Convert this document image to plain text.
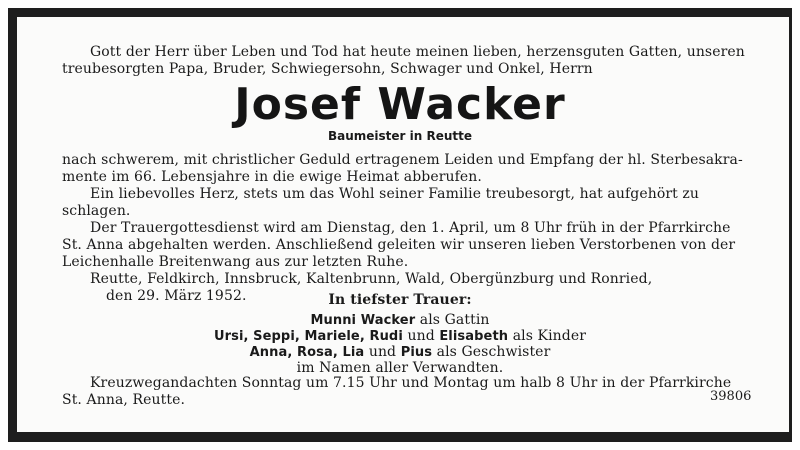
Gott der Herr über Leben und Tod hat heute meinen lieben, herzensguten Gatten, unseren
treubesorgten Papa, Bruder, Schwiegersohn, Schwager und Onkel, Herrn
Josef Wacker
Baumeister in Reutte
nach schwerem, mit christlicher Geduld ertragenem Leiden und Empfang der hl. Sterbesakra-
mente im 66. Lebensjahre in die ewige Heimat abberufen.
Ein liebevolles Herz, stets um das Wohl seiner Familie treubesorgt, hat aufgehört zu
schlagen.
Der Trauergottesdienst wird am Dienstag, den 1. April, um 8 Uhr früh in der Pfarrkirche
St. Anna abgehalten werden. Anschließend geleiten wir unseren lieben Verstorbenen von der
Leichenhalle Breitenwang aus zur letzten Ruhe.
Reutte, Feldkirch, Innsbruck, Kaltenbrunn, Wald, Obergünzburg und Ronried,
den 29. März 1952.	In tiefster Trauer:
Munni Wacker als Gattin
Ursi, Seppi, Mariele, Rudi und Elisabeth als Kinder
Anna, Rosa, Lia und Pius als Geschwister
im Namen aller Verwandten.
Kreuzwegandachten Sonntag um 7.15 Uhr und Montag um halb 8 Uhr in der Pfarrkirche
St. Anna, Reutte.	39806
